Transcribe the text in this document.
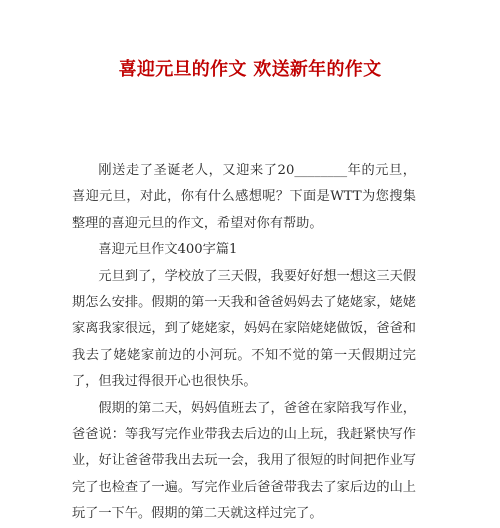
喜迎元旦的作文 欢送新年的作文

刚送走了圣诞老人，又迎来了20________年的元旦，喜迎元旦，对此，你有什么感想呢？下面是WTT为您搜集整理的喜迎元旦的作文，希望对你有帮助。

喜迎元旦作文400字篇1

元旦到了，学校放了三天假，我要好好想一想这三天假期怎么安排。假期的第一天我和爸爸妈妈去了姥姥家，姥姥家离我家很远，到了姥姥家，妈妈在家陪姥姥做饭，爸爸和我去了姥姥家前边的小河玩。不知不觉的第一天假期过完了，但我过得很开心也很快乐。

假期的第二天，妈妈值班去了，爸爸在家陪我写作业，爸爸说：等我写完作业带我去后边的山上玩，我赶紧快写作业，好让爸爸带我出去玩一会，我用了很短的时间把作业写完了也检查了一遍。写完作业后爸爸带我去了家后边的山上玩了一下午。假期的第二天就这样过完了。
